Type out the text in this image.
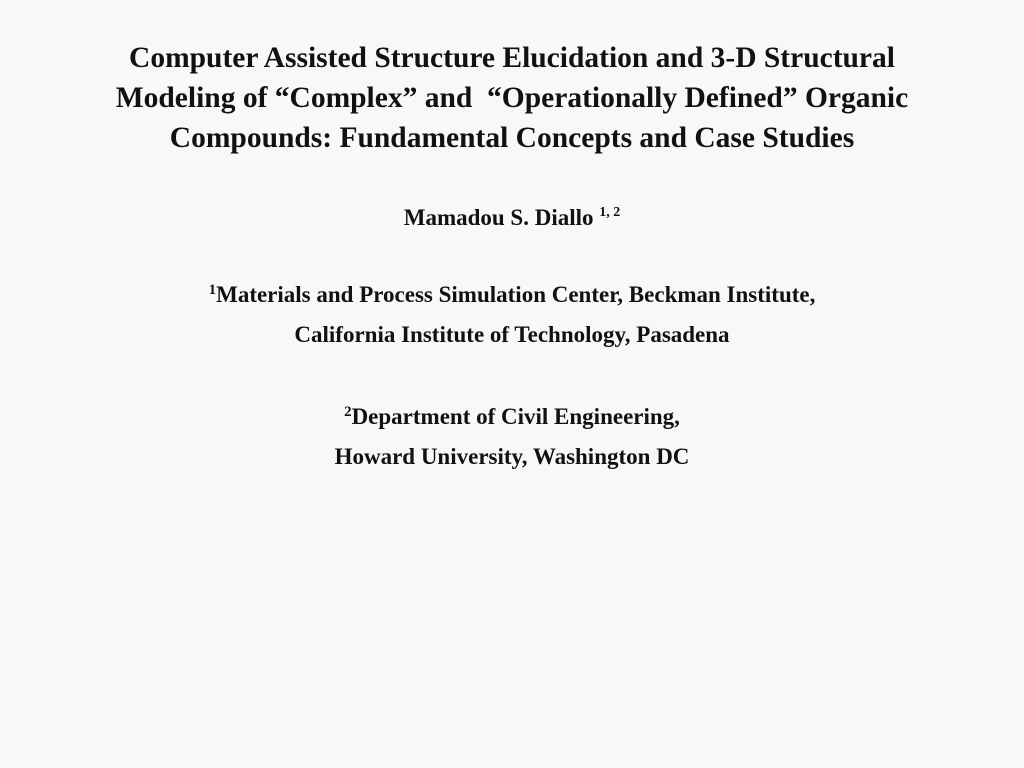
Computer Assisted Structure Elucidation and 3-D Structural
Modeling of “Complex” and  “Operationally Defined” Organic
Compounds: Fundamental Concepts and Case Studies
Mamadou S. Diallo $^{1, 2}$
$^1$Materials and Process Simulation Center, Beckman Institute,
California Institute of Technology, Pasadena
$^2$Department of Civil Engineering,
Howard University, Washington DC
